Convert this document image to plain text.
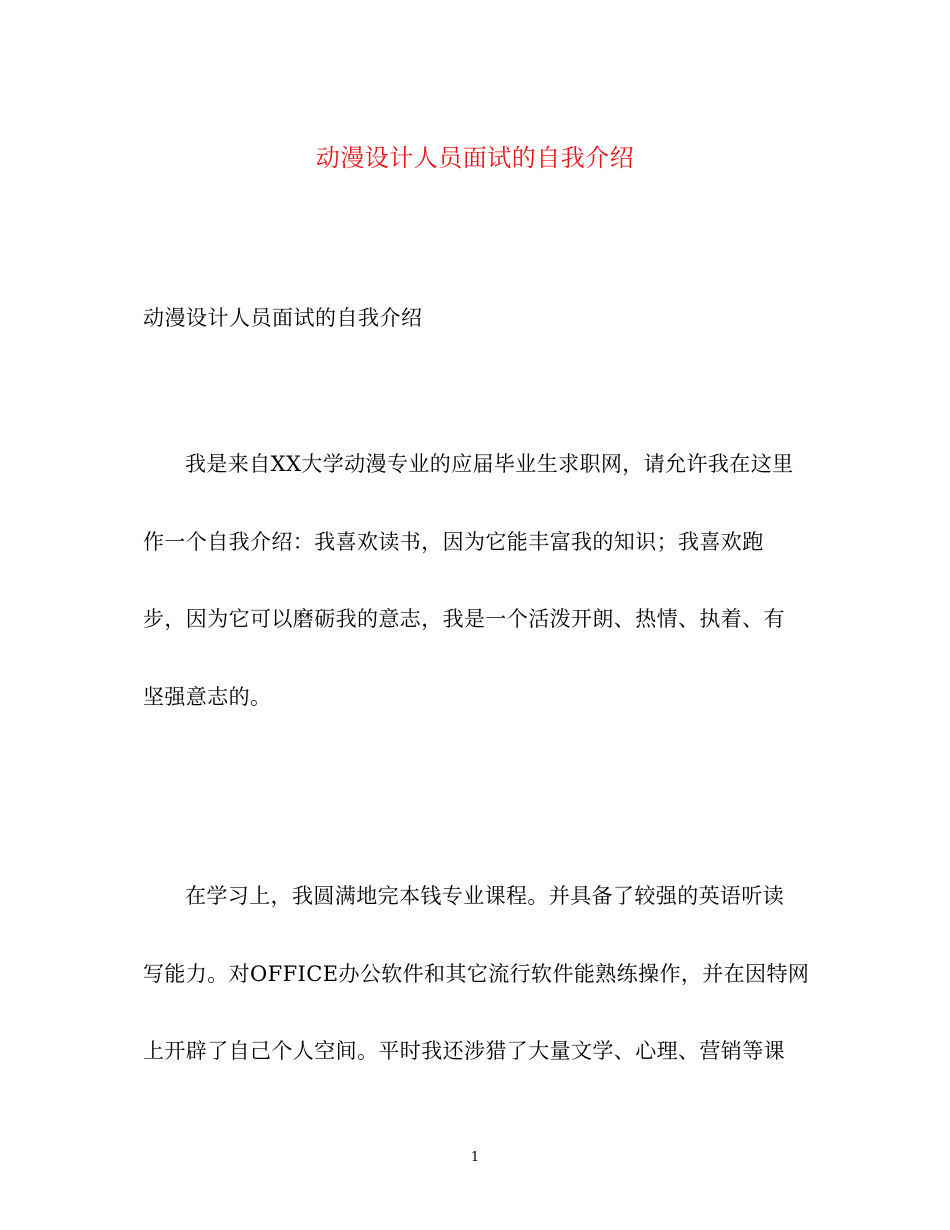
动漫设计人员面试的自我介绍
动漫设计人员面试的自我介绍
我是来自XX大学动漫专业的应届毕业生求职网，请允许我在这里
作一个自我介绍：我喜欢读书，因为它能丰富我的知识；我喜欢跑
步，因为它可以磨砺我的意志，我是一个活泼开朗、热情、执着、有
坚强意志的。
在学习上，我圆满地完本钱专业课程。并具备了较强的英语听读
写能力。对OFFICE办公软件和其它流行软件能熟练操作，并在因特网
上开辟了自己个人空间。平时我还涉猎了大量文学、心理、营销等课
1
